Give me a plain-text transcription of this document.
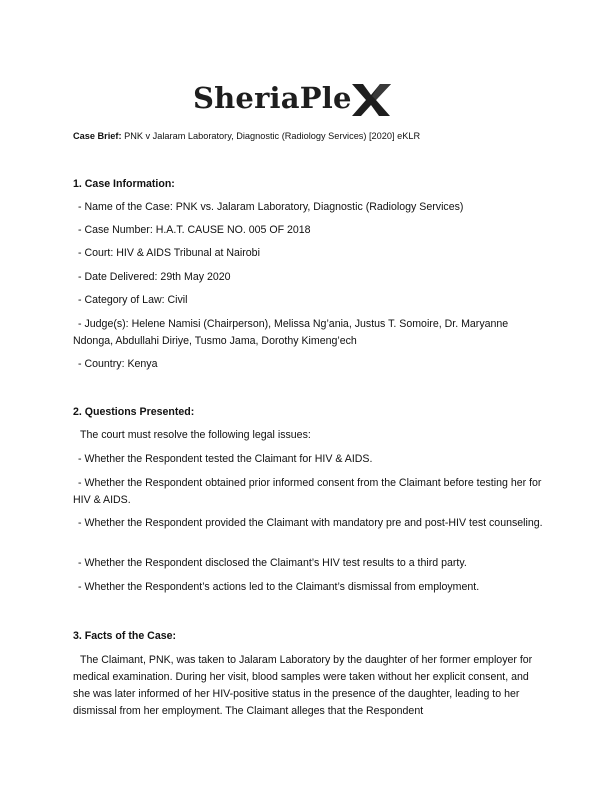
SheriaPle
Case Brief: PNK v Jalaram Laboratory, Diagnostic (Radiology Services) [2020] eKLR
1. Case Information:
- Name of the Case: PNK vs. Jalaram Laboratory, Diagnostic (Radiology Services)
- Case Number: H.A.T. CAUSE NO. 005 OF 2018
- Court: HIV & AIDS Tribunal at Nairobi
- Date Delivered: 29th May 2020
- Category of Law: Civil
- Judge(s): Helene Namisi (Chairperson), Melissa Ng’ania, Justus T. Somoire, Dr. Maryanne Ndonga, Abdullahi Diriye, Tusmo Jama, Dorothy Kimeng’ech
- Country: Kenya
2. Questions Presented:
The court must resolve the following legal issues:
- Whether the Respondent tested the Claimant for HIV & AIDS.
- Whether the Respondent obtained prior informed consent from the Claimant before testing her for HIV & AIDS.
- Whether the Respondent provided the Claimant with mandatory pre and post-HIV test counseling.
- Whether the Respondent disclosed the Claimant’s HIV test results to a third party.
- Whether the Respondent’s actions led to the Claimant’s dismissal from employment.
3. Facts of the Case:
The Claimant, PNK, was taken to Jalaram Laboratory by the daughter of her former employer for medical examination. During her visit, blood samples were taken without her explicit consent, and she was later informed of her HIV-positive status in the presence of the daughter, leading to her dismissal from her employment. The Claimant alleges that the Respondent
